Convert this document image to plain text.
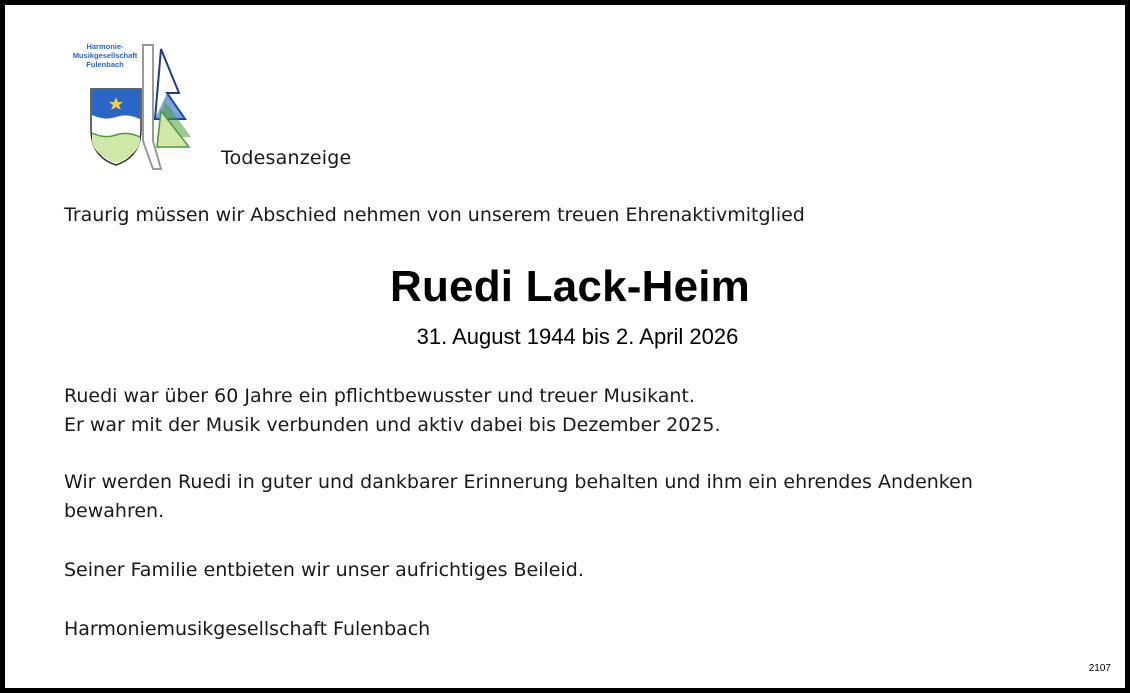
Harmonie-
Musikgesellschaft
Fulenbach
Todesanzeige
Traurig müssen wir Abschied nehmen von unserem treuen Ehrenaktivmitglied
Ruedi Lack-Heim
31. August 1944 bis 2. April 2026
Ruedi war über 60 Jahre ein pflichtbewusster und treuer Musikant.
Er war mit der Musik verbunden und aktiv dabei bis Dezember 2025.
Wir werden Ruedi in guter und dankbarer Erinnerung behalten und ihm ein ehrendes Andenken
bewahren.
Seiner Familie entbieten wir unser aufrichtiges Beileid.
Harmoniemusikgesellschaft Fulenbach
2107
